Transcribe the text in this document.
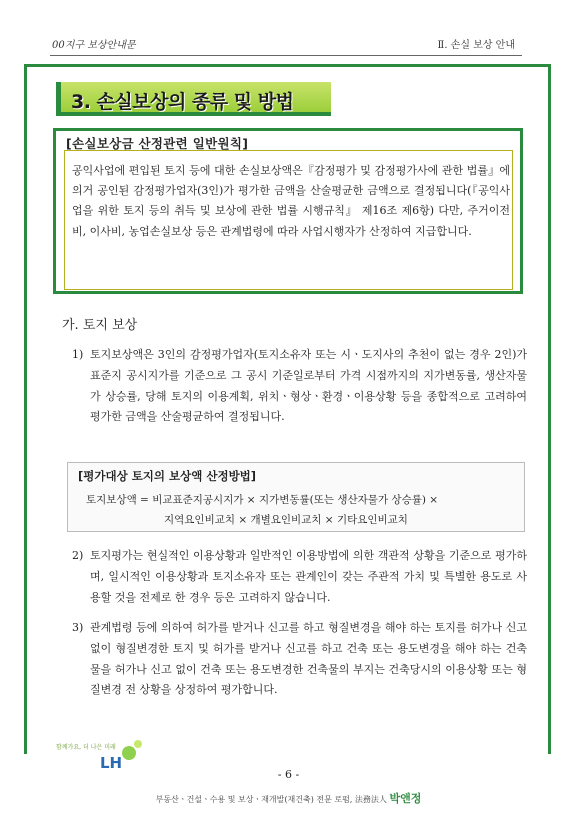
00지구 보상안내문	Ⅱ. 손실 보상 안내
3. 손실보상의 종류 및 방법
[손실보상금 산정관련 일반원칙]
공익사업에 편입된 토지 등에 대한 손실보상액은『감정평가 및 감정평가사에 관한 법률』에 의거 공인된 감정평가업자(3인)가 평가한 금액을 산술평균한 금액으로 결정됩니다(『공익사업을 위한 토지 등의 취득 및 보상에 관한 법률 시행규칙』 제16조 제6항) 다만, 주거이전비, 이사비, 농업손실보상 등은 관계법령에 따라 사업시행자가 산정하여 지급합니다.
가. 토지 보상
1) 토지보상액은 3인의 감정평가업자(토지소유자 또는 시ㆍ도지사의 추천이 없는 경우 2인)가 표준지 공시지가를 기준으로 그 공시 기준일로부터 가격 시점까지의 지가변동률, 생산자물가 상승률, 당해 토지의 이용계획, 위치ㆍ형상ㆍ환경ㆍ이용상황 등을 종합적으로 고려하여 평가한 금액을 산술평균하여 결정됩니다.
[평가대상 토지의 보상액 산정방법]
토지보상액 = 비교표준지공시지가 × 지가변동률(또는 생산자물가 상승률) ×
지역요인비교치 × 개별요인비교치 × 기타요인비교치
2) 토지평가는 현실적인 이용상황과 일반적인 이용방법에 의한 객관적 상황을 기준으로 평가하며, 일시적인 이용상황과 토지소유자 또는 관계인이 갖는 주관적 가치 및 특별한 용도로 사용할 것을 전제로 한 경우 등은 고려하지 않습니다.
3) 관계법령 등에 의하여 허가를 받거나 신고를 하고 형질변경을 해야 하는 토지를 허가나 신고 없이 형질변경한 토지 및 허가를 받거나 신고를 하고 건축 또는 용도변경을 해야 하는 건축물을 허가나 신고 없이 건축 또는 용도변경한 건축물의 부지는 건축당시의 이용상황 또는 형질변경 전 상황을 상정하여 평가합니다.
함께가요, 더 나은 미래
LH
- 6 -
부동산ㆍ건설ㆍ수용 및 보상ㆍ재개발(재건축) 전문 로펌, 法務法人 박앤정
